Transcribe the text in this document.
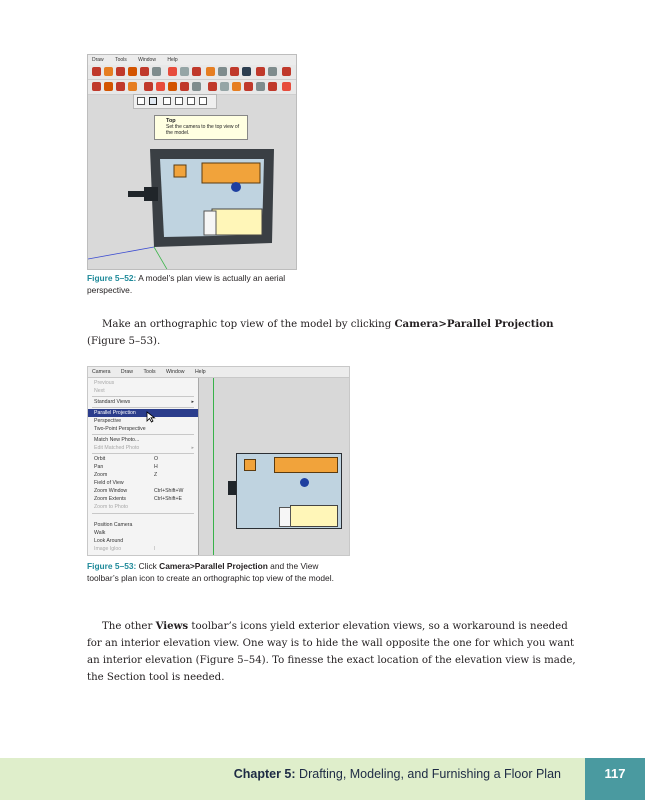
Draw Tools Window Help
Top
Set the camera to the top view of the model.
Figure 5–52: A model’s plan view is actually an aerial perspective.
Make an orthographic top view of the model by clicking Camera>Parallel Projection (Figure 5–53).
Camera Draw Tools Window Help
Previous
Next
Standard Views	▸
Parallel Projection
Perspective
Two-Point Perspective
Match New Photo...
Edit Matched Photo	▸
Orbit	O
Pan	H
Zoom	Z
Field of View
Zoom Window	Ctrl+Shift+W
Zoom Extents	Ctrl+Shift+E
Zoom to Photo
Position Camera
Walk
Look Around
Image Igloo	I
Figure 5–53: Click Camera>Parallel Projection and the View toolbar’s plan icon to create an orthographic top view of the model.
The other Views toolbar’s icons yield exterior elevation views, so a workaround is needed for an interior elevation view. One way is to hide the wall opposite the one for which you want an interior elevation (Figure 5–54). To finesse the exact location of the elevation view is made, the Section tool is needed.
Chapter 5: Drafting, Modeling, and Furnishing a Floor Plan	117
